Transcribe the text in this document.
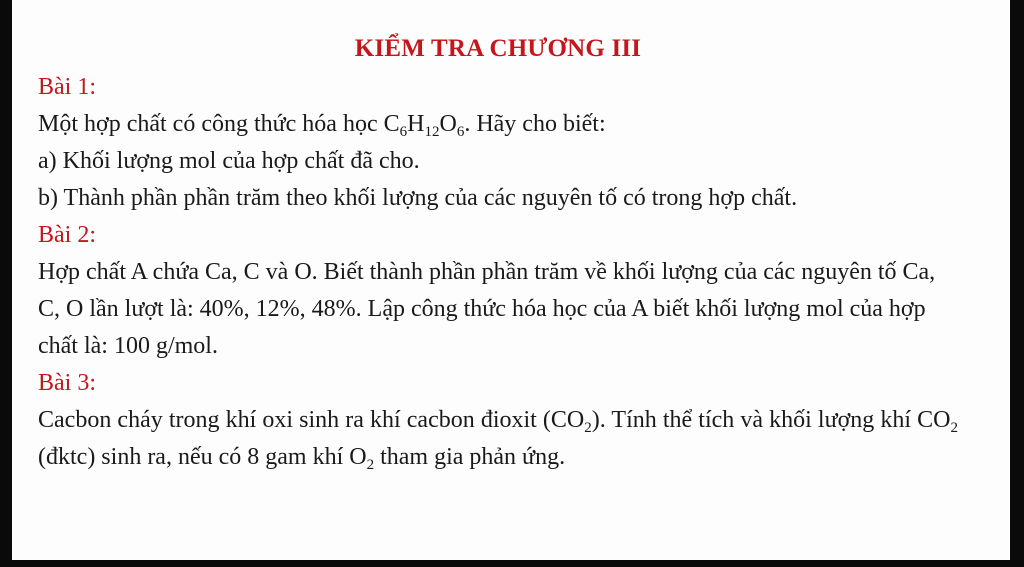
KIỂM TRA CHƯƠNG III
Bài 1:
Một hợp chất có công thức hóa học $C_6H_{12}O_6$. Hãy cho biết:
a) Khối lượng mol của hợp chất đã cho.
b) Thành phần phần trăm theo khối lượng của các nguyên tố có trong hợp chất.
Bài 2:
Hợp chất A chứa Ca, C và O. Biết thành phần phần trăm về khối lượng của các nguyên tố Ca, C, O lần lượt là: 40%, 12%, 48%. Lập công thức hóa học của A biết khối lượng mol của hợp chất là: 100 g/mol.
Bài 3:
Cacbon cháy trong khí oxi sinh ra khí cacbon đioxit $(CO_2)$. Tính thể tích và khối lượng khí $CO_2$ (đktc) sinh ra, nếu có 8 gam khí $O_2$ tham gia phản ứng.
